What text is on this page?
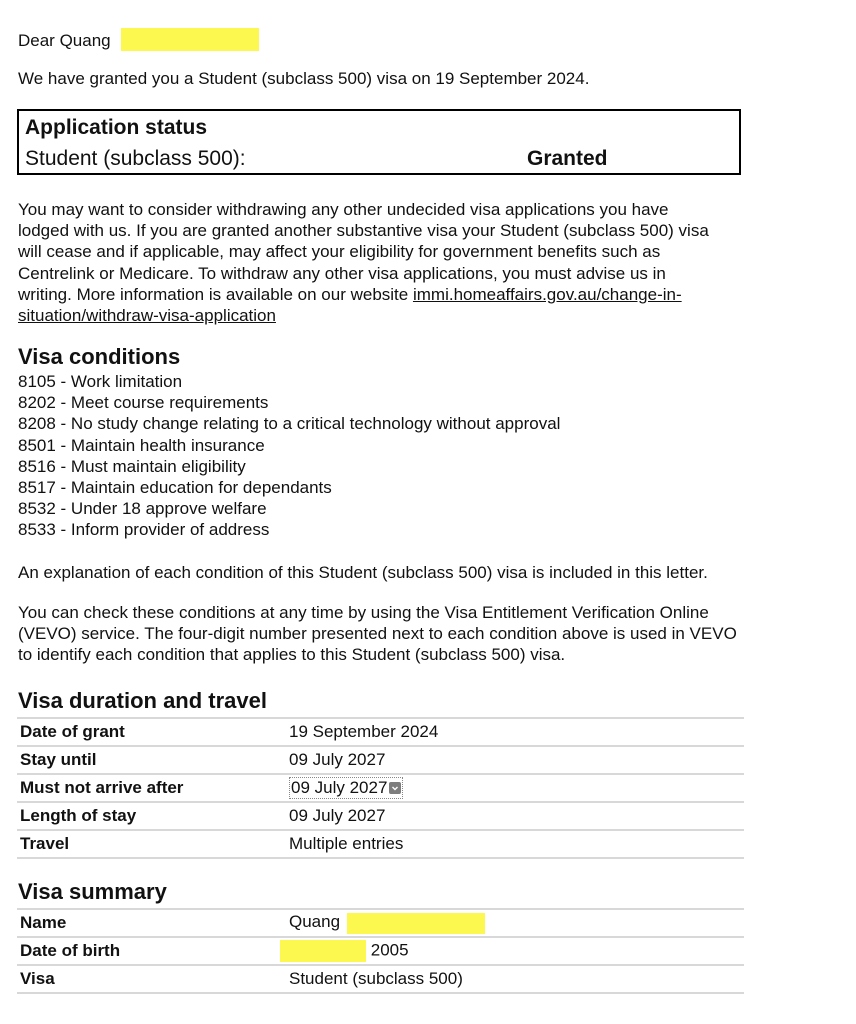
Dear Quang
We have granted you a Student (subclass 500) visa on 19 September 2024.
Application status
Student (subclass 500):	Granted
You may want to consider withdrawing any other undecided visa applications you have lodged with us. If you are granted another substantive visa your Student (subclass 500) visa will cease and if applicable, may affect your eligibility for government benefits such as Centrelink or Medicare. To withdraw any other visa applications, you must advise us in writing. More information is available on our website immi.homeaffairs.gov.au/change-in-situation/withdraw-visa-application
Visa conditions
8105 - Work limitation
8202 - Meet course requirements
8208 - No study change relating to a critical technology without approval
8501 - Maintain health insurance
8516 - Must maintain eligibility
8517 - Maintain education for dependants
8532 - Under 18 approve welfare
8533 - Inform provider of address
An explanation of each condition of this Student (subclass 500) visa is included in this letter.
You can check these conditions at any time by using the Visa Entitlement Verification Online (VEVO) service. The four-digit number presented next to each condition above is used in VEVO to identify each condition that applies to this Student (subclass 500) visa.
Visa duration and travel
Date of grant	19 September 2024
Stay until	09 July 2027
Must not arrive after	09 July 2027

Length of stay	09 July 2027
Travel	Multiple entries
Visa summary
Name	Quang
Date of birth	2005
Visa	Student (subclass 500)
